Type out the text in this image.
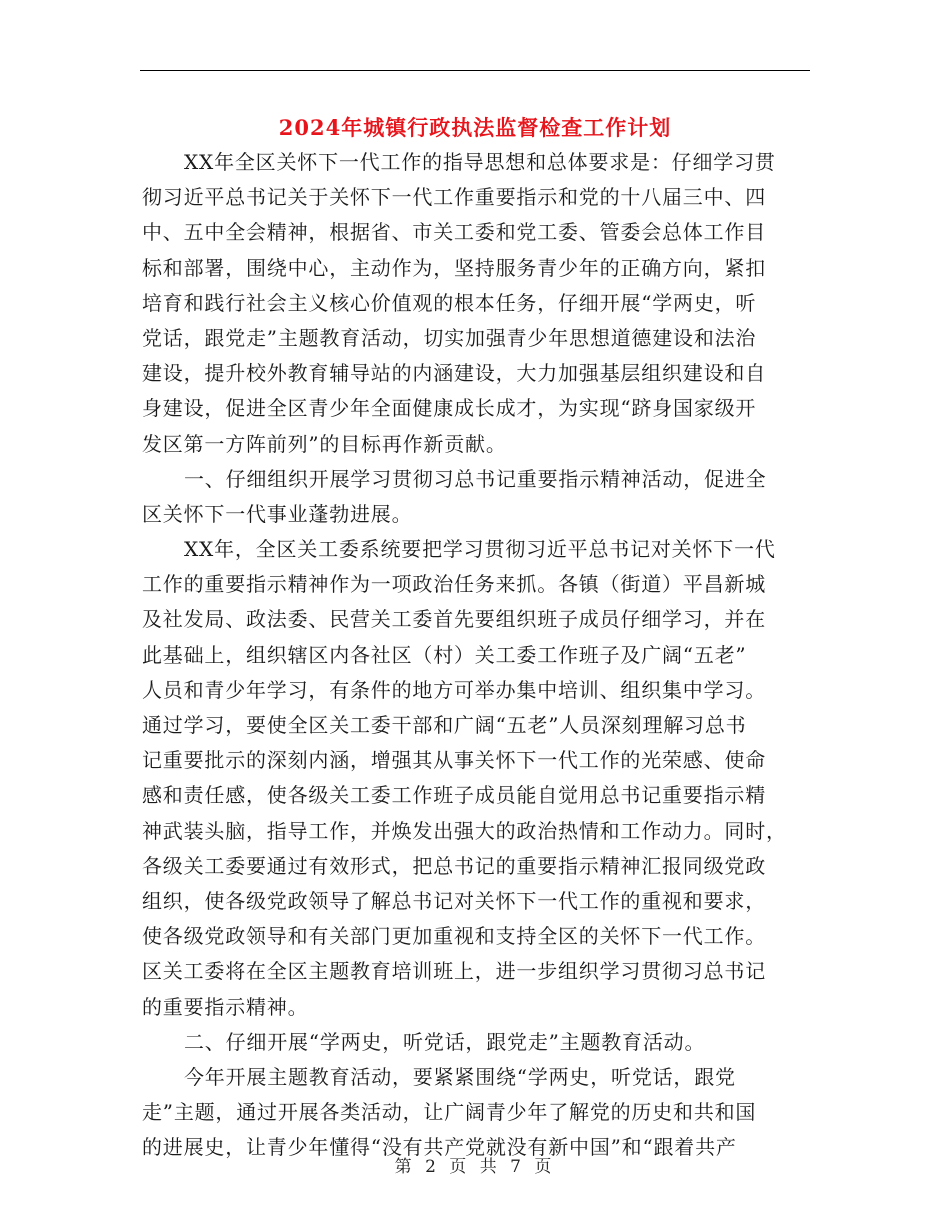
2024年城镇行政执法监督检查工作计划
XX年全区关怀下一代工作的指导思想和总体要求是：仔细学习贯
彻习近平总书记关于关怀下一代工作重要指示和党的十八届三中、四
中、五中全会精神，根据省、市关工委和党工委、管委会总体工作目
标和部署，围绕中心，主动作为，坚持服务青少年的正确方向，紧扣
培育和践行社会主义核心价值观的根本任务，仔细开展“学两史，听
党话，跟党走”主题教育活动，切实加强青少年思想道德建设和法治
建设，提升校外教育辅导站的内涵建设，大力加强基层组织建设和自
身建设，促进全区青少年全面健康成长成才，为实现“跻身国家级开
发区第一方阵前列”的目标再作新贡献。
一、仔细组织开展学习贯彻习总书记重要指示精神活动，促进全
区关怀下一代事业蓬勃进展。
XX年，全区关工委系统要把学习贯彻习近平总书记对关怀下一代
工作的重要指示精神作为一项政治任务来抓。各镇（街道）平昌新城
及社发局、政法委、民营关工委首先要组织班子成员仔细学习，并在
此基础上，组织辖区内各社区（村）关工委工作班子及广阔“五老”
人员和青少年学习，有条件的地方可举办集中培训、组织集中学习。
通过学习，要使全区关工委干部和广阔“五老”人员深刻理解习总书
记重要批示的深刻内涵，增强其从事关怀下一代工作的光荣感、使命
感和责任感，使各级关工委工作班子成员能自觉用总书记重要指示精
神武装头脑，指导工作，并焕发出强大的政治热情和工作动力。同时，
各级关工委要通过有效形式，把总书记的重要指示精神汇报同级党政
组织，使各级党政领导了解总书记对关怀下一代工作的重视和要求，
使各级党政领导和有关部门更加重视和支持全区的关怀下一代工作。
区关工委将在全区主题教育培训班上，进一步组织学习贯彻习总书记
的重要指示精神。
二、仔细开展“学两史，听党话，跟党走”主题教育活动。
今年开展主题教育活动，要紧紧围绕“学两史，听党话，跟党
走”主题，通过开展各类活动，让广阔青少年了解党的历史和共和国
的进展史，让青少年懂得“没有共产党就没有新中国”和“跟着共产
第 2 页 共 7 页
